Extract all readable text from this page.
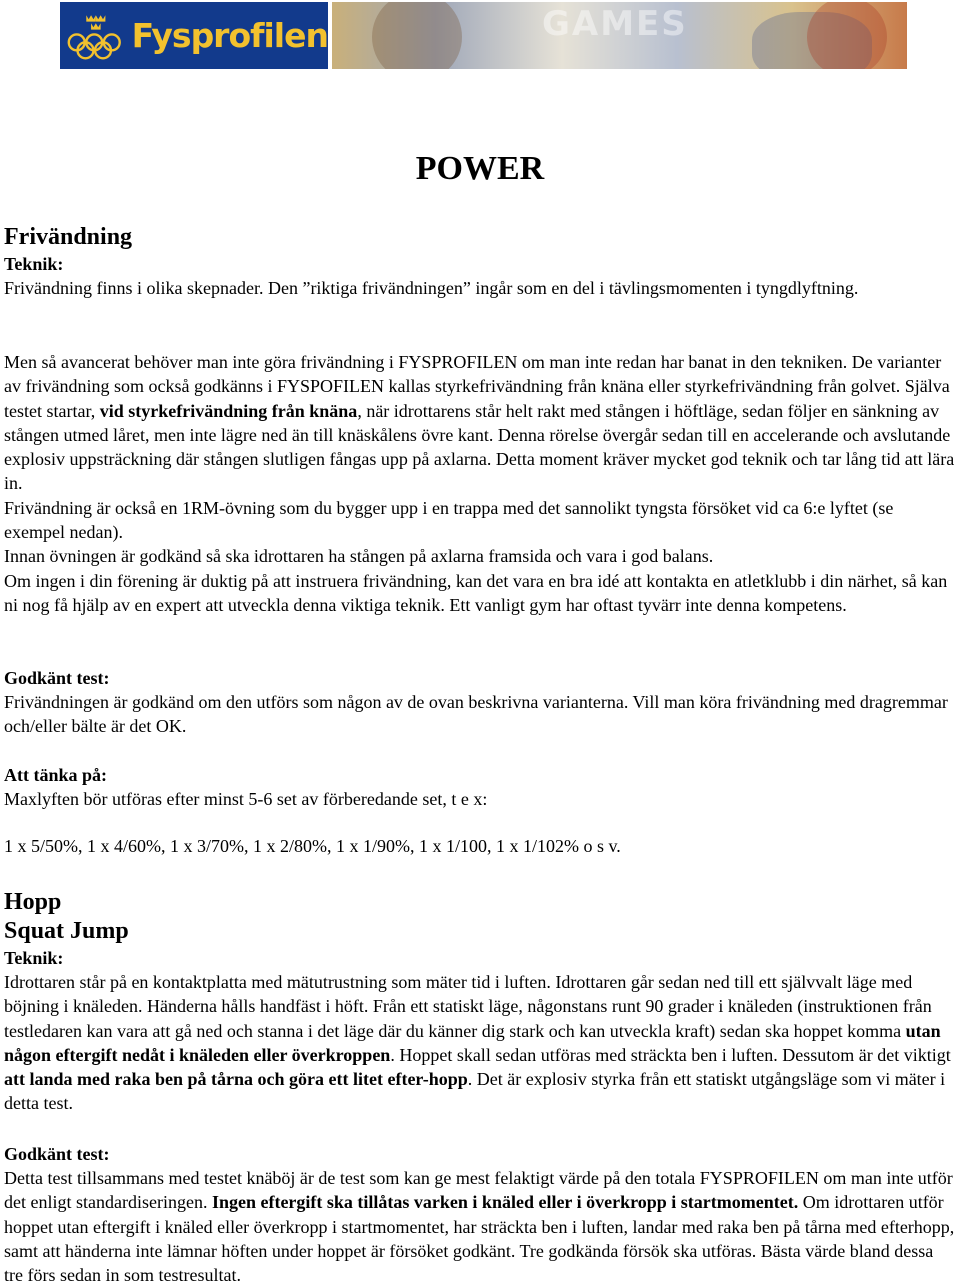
Fysprofilen	GAMES
POWER
Frivändning
Teknik:

Frivändning finns i olika skepnader. Den ”riktiga frivändningen” ingår som en del i tävlingsmomenten i tyngdlyftning.

Men så avancerat behöver man inte göra frivändning i FYSPROFILEN om man inte redan har banat in den tekniken. De varianter av frivändning som också godkänns i FYSPOFILEN kallas styrkefrivändning från knäna eller styrkefrivändning från golvet. Själva testet startar, vid styrkefrivändning från knäna, när idrottarens står helt rakt med stången i höftläge, sedan följer en sänkning av stången utmed låret, men inte lägre ned än till knäskålens övre kant. Denna rörelse övergår sedan till en accelerande och avslutande explosiv uppsträckning där stången slutligen fångas upp på axlarna. Detta moment kräver mycket god teknik och tar lång tid att lära in.

Frivändning är också en 1RM-övning som du bygger upp i en trappa med det sannolikt tyngsta försöket vid ca 6:e lyftet (se exempel nedan).

Innan övningen är godkänd så ska idrottaren ha stången på axlarna framsida och vara i god balans.

Om ingen i din förening är duktig på att instruera frivändning, kan det vara en bra idé att kontakta en atletklubb i din närhet, så kan ni nog få hjälp av en expert att utveckla denna viktiga teknik. Ett vanligt gym har oftast tyvärr inte denna kompetens.

Godkänt test:

Frivändningen är godkänd om den utförs som någon av de ovan beskrivna varianterna. Vill man köra frivändning med dragremmar och/eller bälte är det OK.

Att tänka på:

Maxlyften bör utföras efter minst 5-6 set av förberedande set, t e x:

1 x 5/50%, 1 x 4/60%, 1 x 3/70%, 1 x 2/80%, 1 x 1/90%, 1 x 1/100, 1 x 1/102% o s v.

Hopp
Squat Jump
Teknik:

Idrottaren står på en kontaktplatta med mätutrustning som mäter tid i luften. Idrottaren går sedan ned till ett självvalt läge med böjning i knäleden. Händerna hålls handfäst i höft. Från ett statiskt läge, någonstans runt 90 grader i knäleden (instruktionen från testledaren kan vara att gå ned och stanna i det läge där du känner dig stark och kan utveckla kraft) sedan ska hoppet komma utan någon eftergift nedåt i knäleden eller överkroppen. Hoppet skall sedan utföras med sträckta ben i luften. Dessutom är det viktigt att landa med raka ben på tårna och göra ett litet efter-hopp. Det är explosiv styrka från ett statiskt utgångsläge som vi mäter i detta test.

Godkänt test:

Detta test tillsammans med testet knäböj är de test som kan ge mest felaktigt värde på den totala FYSPROFILEN om man inte utför det enligt standardiseringen. Ingen eftergift ska tillåtas varken i knäled eller i överkropp i startmomentet. Om idrottaren utför hoppet utan eftergift i knäled eller överkropp i startmomentet, har sträckta ben i luften, landar med raka ben på tårna med efterhopp, samt att händerna inte lämnar höften under hoppet är försöket godkänt. Tre godkända försök ska utföras. Bästa värde bland dessa tre förs sedan in som testresultat.
